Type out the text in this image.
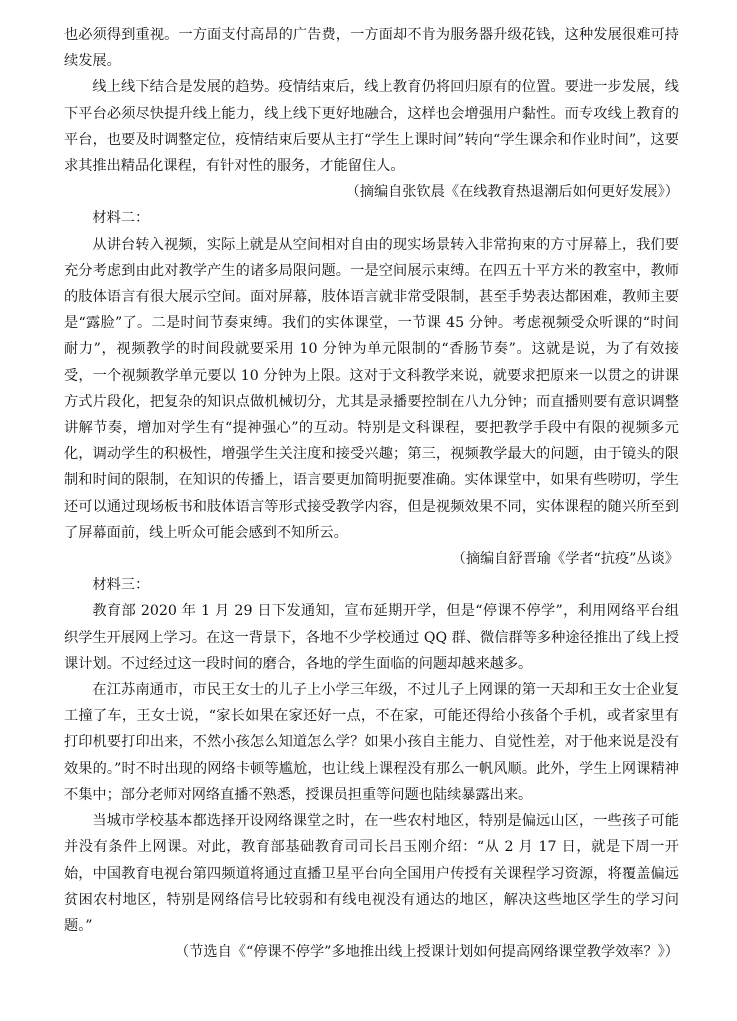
也必须得到重视。一方面支付高昂的广告费，一方面却不肯为服务器升级花钱，这种发展很难可持续发展。

线上线下结合是发展的趋势。疫情结束后，线上教育仍将回归原有的位置。要进一步发展，线下平台必须尽快提升线上能力，线上线下更好地融合，这样也会增强用户黏性。而专攻线上教育的平台，也要及时调整定位，疫情结束后要从主打“学生上课时间”转向“学生课余和作业时间”，这要求其推出精品化课程，有针对性的服务，才能留住人。

（摘编自张钦晨《在线教育热退潮后如何更好发展》）

材料二：

从讲台转入视频，实际上就是从空间相对自由的现实场景转入非常拘束的方寸屏幕上，我们要充分考虑到由此对教学产生的诸多局限问题。一是空间展示束缚。在四五十平方米的教室中，教师的肢体语言有很大展示空间。面对屏幕，肢体语言就非常受限制，甚至手势表达都困难，教师主要是“露脸”了。二是时间节奏束缚。我们的实体课堂，一节课 45 分钟。考虑视频受众听课的“时间耐力”，视频教学的时间段就要采用 10 分钟为单元限制的“香肠节奏”。这就是说，为了有效接受，一个视频教学单元要以 10 分钟为上限。这对于文科教学来说，就要求把原来一以贯之的讲课方式片段化，把复杂的知识点做机械切分，尤其是录播要控制在八九分钟；而直播则要有意识调整讲解节奏，增加对学生有“提神强心”的互动。特别是文科课程，要把教学手段中有限的视频多元化，调动学生的积极性，增强学生关注度和接受兴趣；第三，视频教学最大的问题，由于镜头的限制和时间的限制，在知识的传播上，语言要更加简明扼要准确。实体课堂中，如果有些唠叨，学生还可以通过现场板书和肢体语言等形式接受教学内容，但是视频效果不同，实体课程的随兴所至到了屏幕面前，线上听众可能会感到不知所云。

（摘编自舒晋瑜《学者“抗疫”丛谈》

材料三：

教育部 2020 年 1 月 29 日下发通知，宣布延期开学，但是“停课不停学”，利用网络平台组织学生开展网上学习。在这一背景下，各地不少学校通过 QQ 群、微信群等多种途径推出了线上授课计划。不过经过这一段时间的磨合，各地的学生面临的问题却越来越多。

在江苏南通市，市民王女士的儿子上小学三年级，不过儿子上网课的第一天却和王女士企业复工撞了车，王女士说，“家长如果在家还好一点，不在家，可能还得给小孩备个手机，或者家里有打印机要打印出来，不然小孩怎么知道怎么学？如果小孩自主能力、自觉性差，对于他来说是没有效果的。”时不时出现的网络卡顿等尴尬，也让线上课程没有那么一帆风顺。此外，学生上网课精神不集中；部分老师对网络直播不熟悉，授课员担重等问题也陆续暴露出来。

当城市学校基本都选择开设网络课堂之时，在一些农村地区，特别是偏远山区，一些孩子可能并没有条件上网课。对此，教育部基础教育司司长吕玉刚介绍：“从 2 月 17 日，就是下周一开始，中国教育电视台第四频道将通过直播卫星平台向全国用户传授有关课程学习资源，将覆盖偏远贫困农村地区，特别是网络信号比较弱和有线电视没有通达的地区，解决这些地区学生的学习问题。”

（节选自《“停课不停学”多地推出线上授课计划如何提高网络课堂教学效率？》）
